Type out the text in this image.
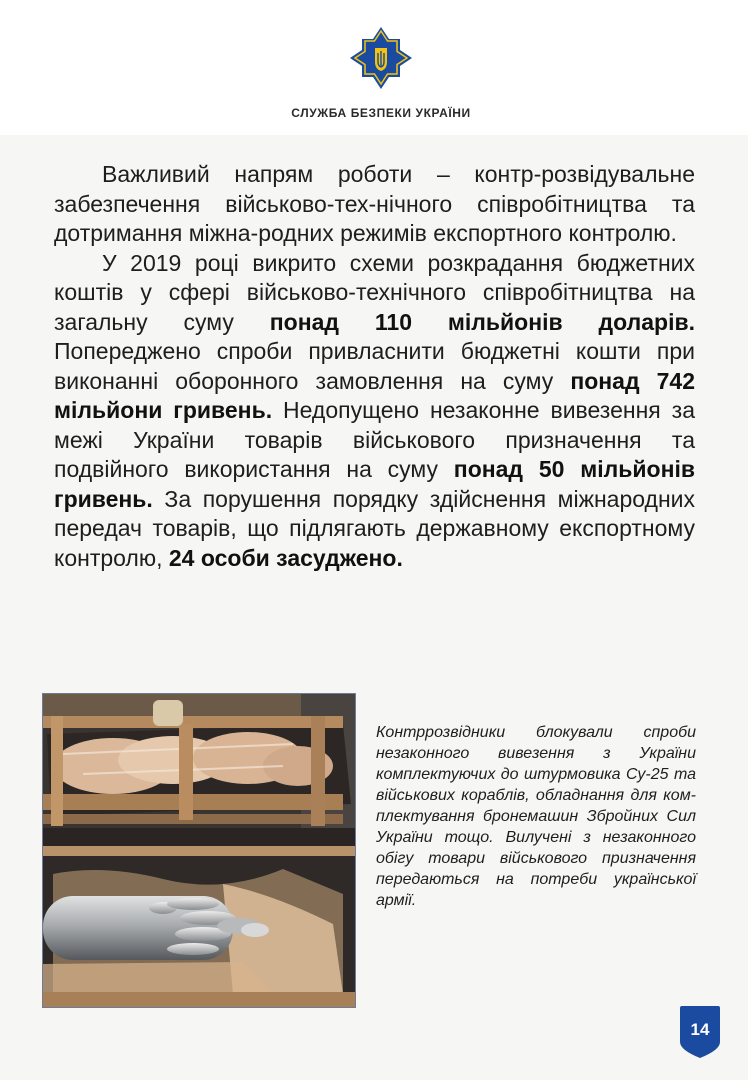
СЛУЖБА БЕЗПЕКИ УКРАЇНИ

Важливий напрям роботи – контр-розвідувальне забезпечення військово-тех-нічного співробітництва та дотримання міжна-родних режимів експортного контролю.

У 2019 році викрито схеми розкрадання бюджетних коштів у сфері військово-технічного співробітництва на загальну суму понад 110 мільйонів доларів. Попереджено спроби привласнити бюджетні кошти при виконанні оборонного замовлення на суму понад 742 мільйони гривень. Недопущено незаконне вивезення за межі України товарів військового призначення та подвійного використання на суму понад 50 мільйонів гривень. За порушення порядку здійснення міжнародних передач товарів, що підлягають державному експортному контролю, 24 особи засуджено.

Контррозвідники блокували спроби незаконного вивезення з України комплектуючих до штурмовика Су-25 та військових кораблів, обладнання для ком-плектування бронемашин Збройних Сил України тощо. Вилучені з незаконного обігу товари військового призначення передаються на потреби української армії.
14
